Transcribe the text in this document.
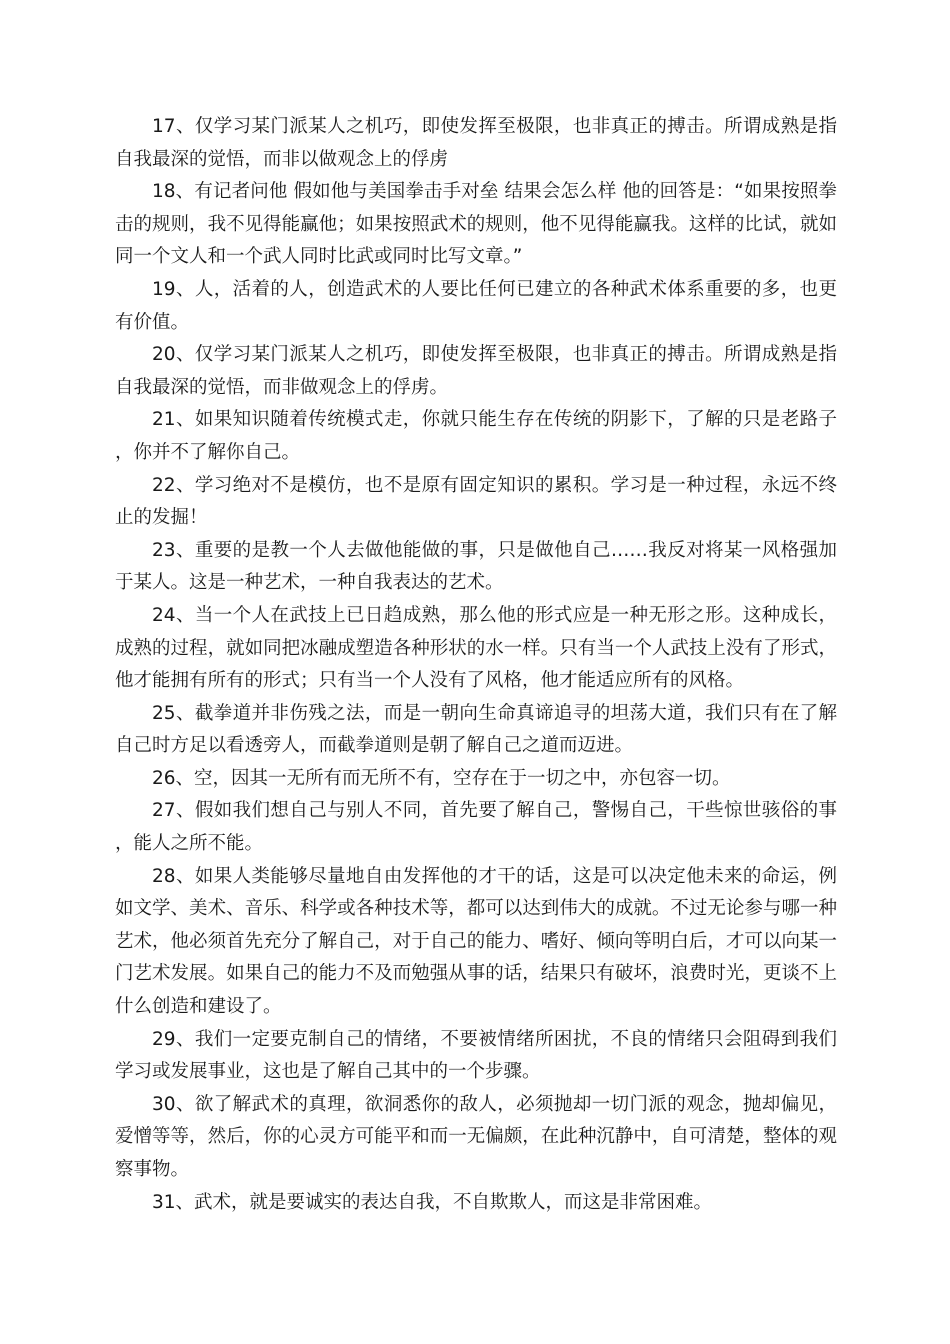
17、仅学习某门派某人之机巧，即使发挥至极限，也非真正的搏击。所谓成熟是指自我最深的觉悟，而非以做观念上的俘虏

18、有记者问他 假如他与美国拳击手对垒 结果会怎么样 他的回答是：“如果按照拳击的规则，我不见得能赢他；如果按照武术的规则，他不见得能赢我。这样的比试，就如同一个文人和一个武人同时比武或同时比写文章。”

19、人，活着的人，创造武术的人要比任何已建立的各种武术体系重要的多，也更有价值。

20、仅学习某门派某人之机巧，即使发挥至极限，也非真正的搏击。所谓成熟是指自我最深的觉悟，而非做观念上的俘虏。

21、如果知识随着传统模式走，你就只能生存在传统的阴影下，了解的只是老路子，你并不了解你自己。

22、学习绝对不是模仿，也不是原有固定知识的累积。学习是一种过程，永远不终止的发掘！

23、重要的是教一个人去做他能做的事，只是做他自己……我反对将某一风格强加于某人。这是一种艺术，一种自我表达的艺术。

24、当一个人在武技上已日趋成熟，那么他的形式应是一种无形之形。这种成长，成熟的过程，就如同把冰融成塑造各种形状的水一样。只有当一个人武技上没有了形式，他才能拥有所有的形式；只有当一个人没有了风格，他才能适应所有的风格。

25、截拳道并非伤残之法，而是一朝向生命真谛追寻的坦荡大道，我们只有在了解自己时方足以看透旁人，而截拳道则是朝了解自己之道而迈进。

26、空，因其一无所有而无所不有，空存在于一切之中，亦包容一切。

27、假如我们想自己与别人不同，首先要了解自己，警惕自己，干些惊世骇俗的事，能人之所不能。

28、如果人类能够尽量地自由发挥他的才干的话，这是可以决定他未来的命运，例如文学、美术、音乐、科学或各种技术等，都可以达到伟大的成就。不过无论参与哪一种艺术，他必须首先充分了解自己，对于自己的能力、嗜好、倾向等明白后，才可以向某一门艺术发展。如果自己的能力不及而勉强从事的话，结果只有破坏，浪费时光，更谈不上什么创造和建设了。

29、我们一定要克制自己的情绪，不要被情绪所困扰，不良的情绪只会阻碍到我们学习或发展事业，这也是了解自己其中的一个步骤。

30、欲了解武术的真理，欲洞悉你的敌人，必须抛却一切门派的观念，抛却偏见，爱憎等等，然后，你的心灵方可能平和而一无偏颇，在此种沉静中，自可清楚，整体的观察事物。

31、武术，就是要诚实的表达自我，不自欺欺人，而这是非常困难。
